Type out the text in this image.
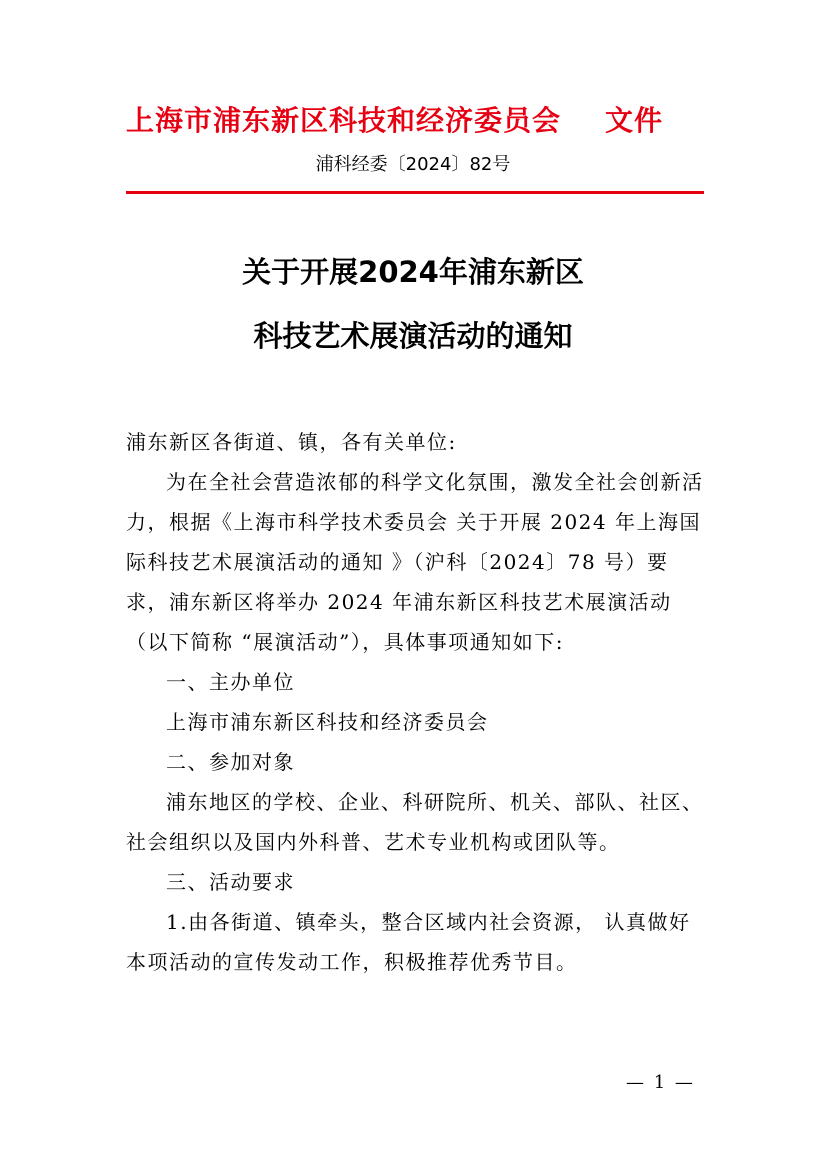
上海市浦东新区科技和经济委员会 文件
浦科经委〔2024〕82号
关于开展2024年浦东新区
科技艺术展演活动的通知

浦东新区各街道、镇，各有关单位:

为在全社会营造浓郁的科学文化氛围，激发全社会创新活力，根据《上海市科学技术委员会 关于开展 2024 年上海国际科技艺术展演活动的通知 》（沪科〔2024〕78 号）要求，浦东新区将举办 2024 年浦东新区科技艺术展演活动（以下简称 “展演活动”），具体事项通知如下:

一、主办单位

上海市浦东新区科技和经济委员会

二、参加对象

浦东地区的学校、企业、科研院所、机关、部队、社区、社会组织以及国内外科普、艺术专业机构或团队等。

三、活动要求

1.由各街道、镇牵头，整合区域内社会资源， 认真做好本项活动的宣传发动工作，积极推荐优秀节目。

— 1 —
